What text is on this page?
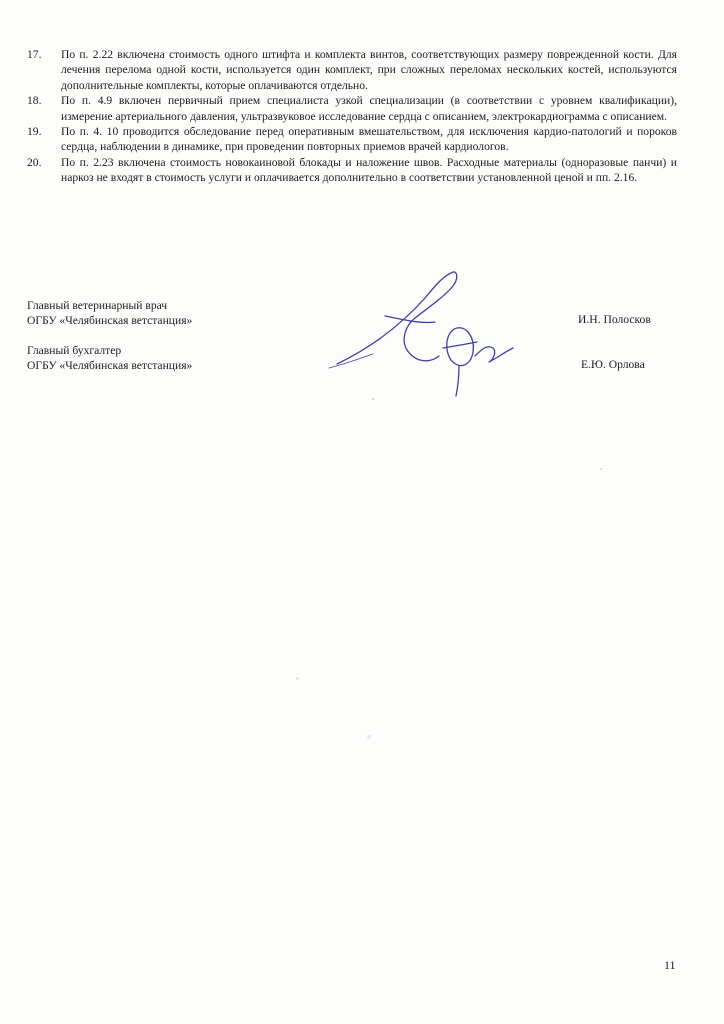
17. По п. 2.22 включена стоимость одного штифта и комплекта винтов, соответствующих размеру поврежденной кости. Для лечения перелома одной кости, используется один комплект, при сложных переломах нескольких костей, используются дополнительные комплекты, которые оплачиваются отдельно.

18. По п. 4.9 включен первичный прием специалиста узкой специализации (в соответствии с уровнем квалификации), измерение артериального давления, ультразвуковое исследование сердца с описанием, электрокардиограмма с описанием.

19. По п. 4. 10 проводится обследование перед оперативным вмешательством, для исключения кардио-патологий и пороков сердца, наблюдении в динамике, при проведении повторных приемов врачей кардиологов.

20. По п. 2.23 включена стоимость новокаиновой блокады и наложение швов. Расходные материалы (одноразовые панчи) и наркоз не входят в стоимость услуги и оплачивается дополнительно в соответствии установленной ценой и пп. 2.16.

Главный ветеринарный врач
ОГБУ «Челябинская ветстанция»	И.Н. Полосков
Главный бухгалтер
ОГБУ «Челябинская ветстанция»	Е.Ю. Орлова
11
